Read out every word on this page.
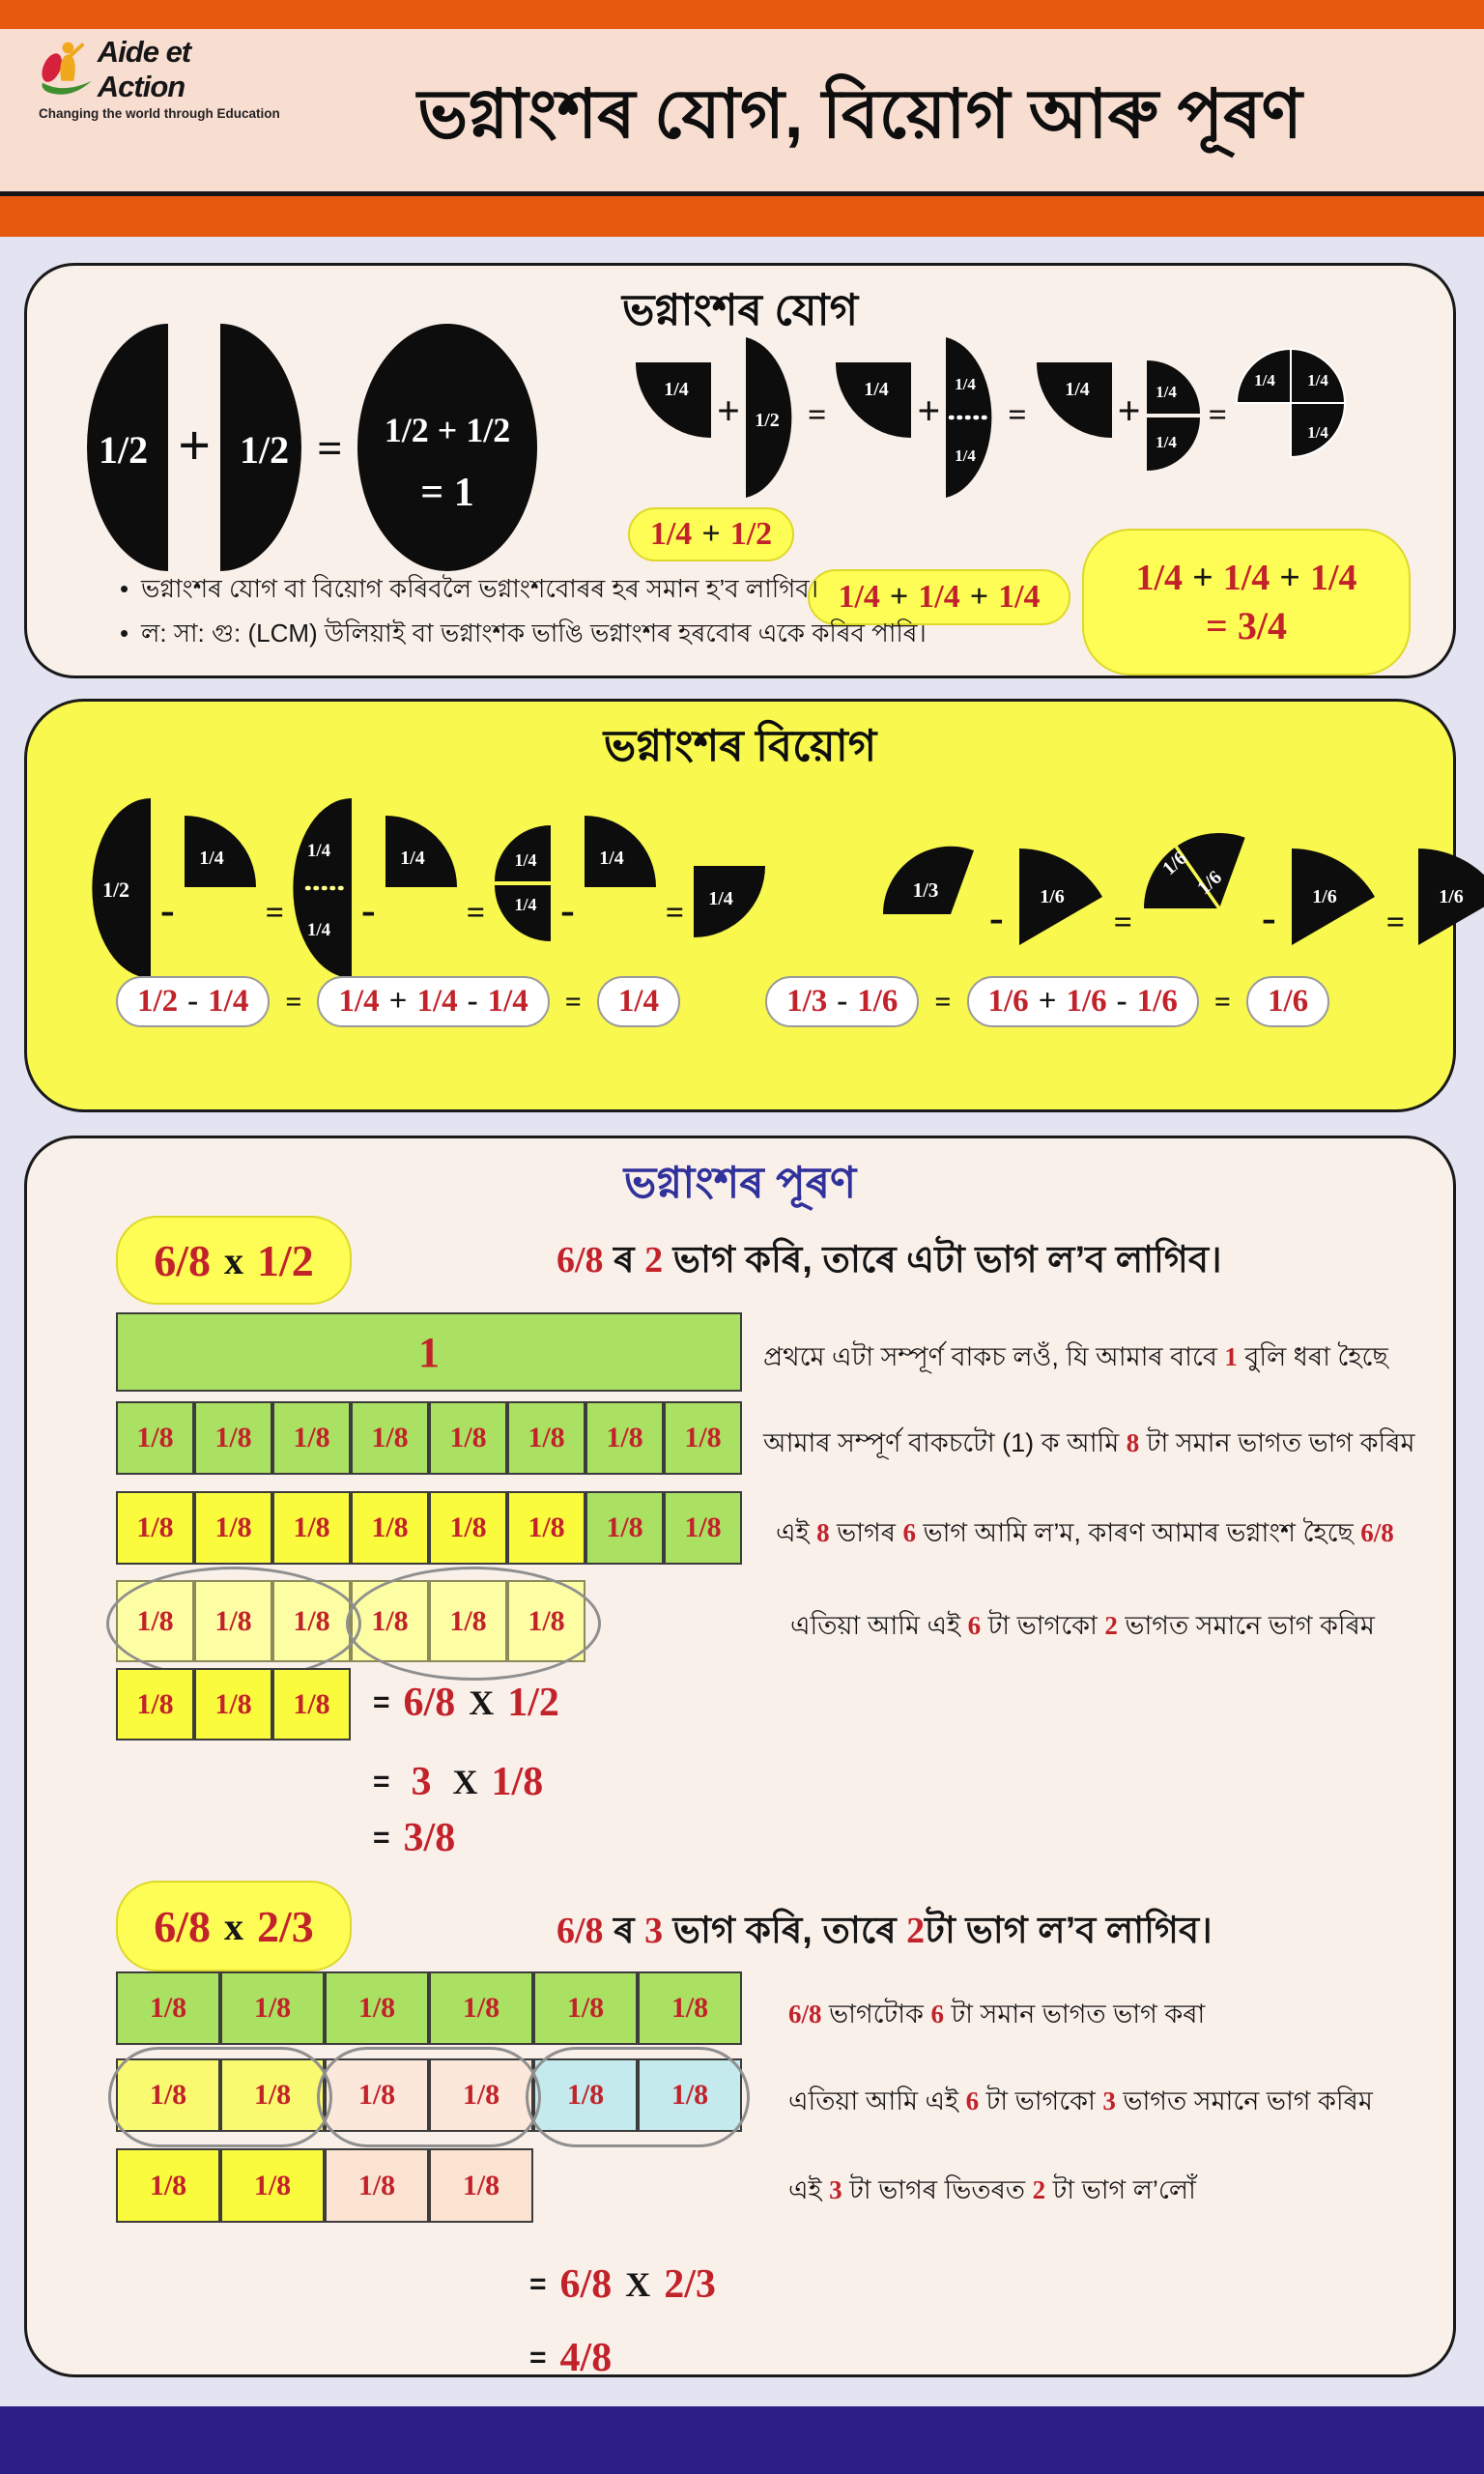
Aide et Action
Changing the world through Education	ভগ্নাংশৰ যোগ, বিয়োগ আৰু পূৰণ
ভগ্নাংশৰ যোগ
1/2 + 1/2 = 1/2 + 1/2
= 1
1/4 + 1/2 =
1/4 +
1/4
1/4
=
1/4 + 1/4
1/4
=
1/4 1/4
1/4
1/4 + 1/2
1/4 + 1/4 + 1/4	1/4 + 1/4 + 1/4
= 3/4
• ভগ্নাংশৰ যোগ বা বিয়োগ কৰিবলৈ ভগ্নাংশবোৰৰ হৰ সমান হ’ব লাগিব।
• ল: সা: গু: (LCM) উলিয়াই বা ভগ্নাংশক ভাঙি ভগ্নাংশৰ হৰবোৰ একে কৰিব পাৰি।
ভগ্নাংশৰ বিয়োগ
1/2 -
1/4
=
1/4
1/4 -
1/4
=
1/4
1/4 -
1/4
= 1/4	1/3
- 1/6
=
1/6
1/6
- 1/6
=
1/6
1/2 - 1/4 = 1/4 + 1/4 - 1/4 =	1/4	1/3 - 1/6 = 1/6 + 1/6 - 1/6 =	1/6
ভগ্নাংশৰ পূৰণ
6/8 x 1/2	6/8 ৰ 2 ভাগ কৰি, তাৰে এটা ভাগ ল’ব লাগিব।
1	প্ৰথমে এটা সম্পূৰ্ণ বাকচ লওঁ, যি আমাৰ বাবে 1 বুলি ধৰা হৈছে
1/8	1/8	1/8	1/8	1/8	1/8	1/8	1/8	আমাৰ সম্পূৰ্ণ বাকচটো (1) ক আমি 8 টা সমান ভাগত ভাগ কৰিম
1/8	1/8	1/8	1/8	1/8	1/8	1/8	1/8	এই 8 ভাগৰ 6 ভাগ আমি ল’ম, কাৰণ আমাৰ ভগ্নাংশ হৈছে 6/8
1/8	1/8	1/8	1/8	1/8	1/8	এতিয়া আমি এই 6 টা ভাগকো 2 ভাগত সমানে ভাগ কৰিম
1/8	1/8	1/8	= 6/8 X 1/2
= 3 X 1/8
= 3/8
6/8 x 2/3	6/8 ৰ 3 ভাগ কৰি, তাৰে 2টা ভাগ ল’ব লাগিব।
1/8	1/8	1/8	1/8	1/8	1/8	6/8 ভাগটোক 6 টা সমান ভাগত ভাগ কৰা
1/8	1/8	1/8	1/8	1/8	1/8	এতিয়া আমি এই 6 টা ভাগকো 3 ভাগত সমানে ভাগ কৰিম
1/8	1/8	1/8	1/8	এই 3 টা ভাগৰ ভিতৰত 2 টা ভাগ ল’লোঁ
= 6/8 X 2/3
= 4/8
